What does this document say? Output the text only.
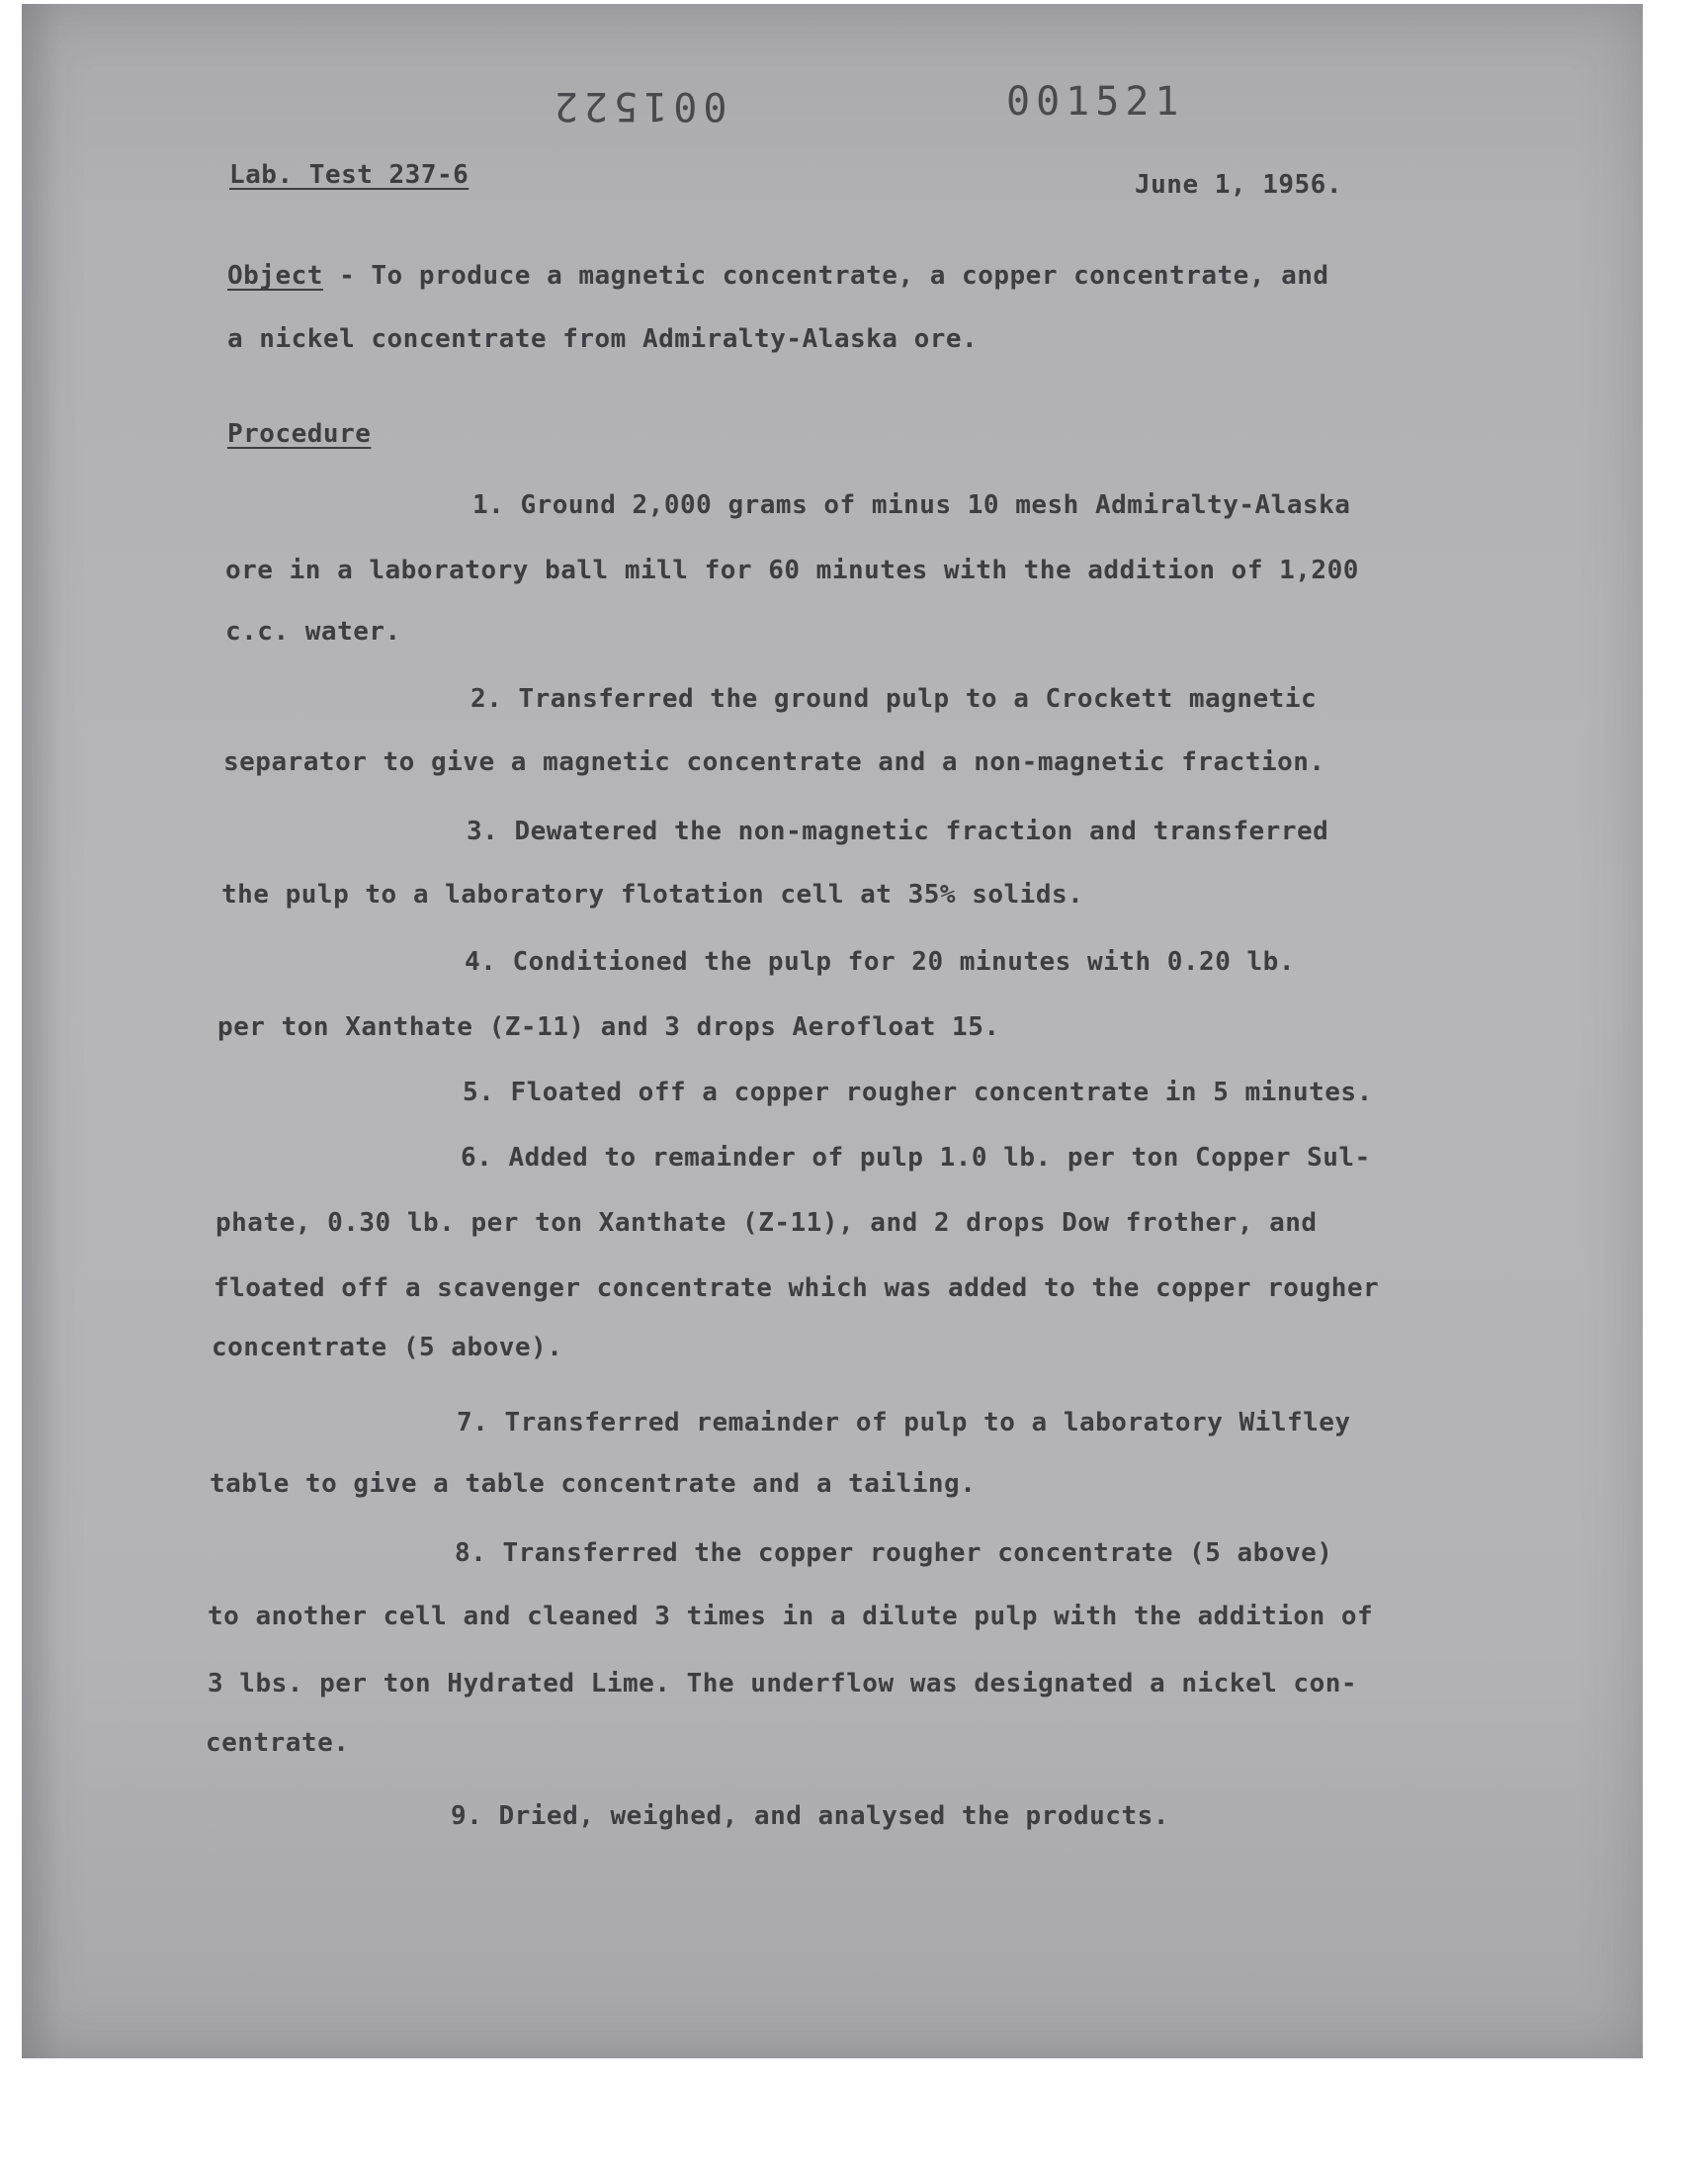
001522	001521
Lab. Test 237-6	June 1, 1956.
Object - To produce a magnetic concentrate, a copper concentrate, and
a nickel concentrate from Admiralty-Alaska ore.
Procedure
1. Ground 2,000 grams of minus 10 mesh Admiralty-Alaska
ore in a laboratory ball mill for 60 minutes with the addition of 1,200
c.c. water.
2. Transferred the ground pulp to a Crockett magnetic
separator to give a magnetic concentrate and a non-magnetic fraction.
3. Dewatered the non-magnetic fraction and transferred
the pulp to a laboratory flotation cell at 35% solids.
4. Conditioned the pulp for 20 minutes with 0.20 lb.
per ton Xanthate (Z-11) and 3 drops Aerofloat 15.
5. Floated off a copper rougher concentrate in 5 minutes.
6. Added to remainder of pulp 1.0 lb. per ton Copper Sul-
phate, 0.30 lb. per ton Xanthate (Z-11), and 2 drops Dow frother, and
floated off a scavenger concentrate which was added to the copper rougher
concentrate (5 above).
7. Transferred remainder of pulp to a laboratory Wilfley
table to give a table concentrate and a tailing.
8. Transferred the copper rougher concentrate (5 above)
to another cell and cleaned 3 times in a dilute pulp with the addition of
3 lbs. per ton Hydrated Lime. The underflow was designated a nickel con-
centrate.
9. Dried, weighed, and analysed the products.
